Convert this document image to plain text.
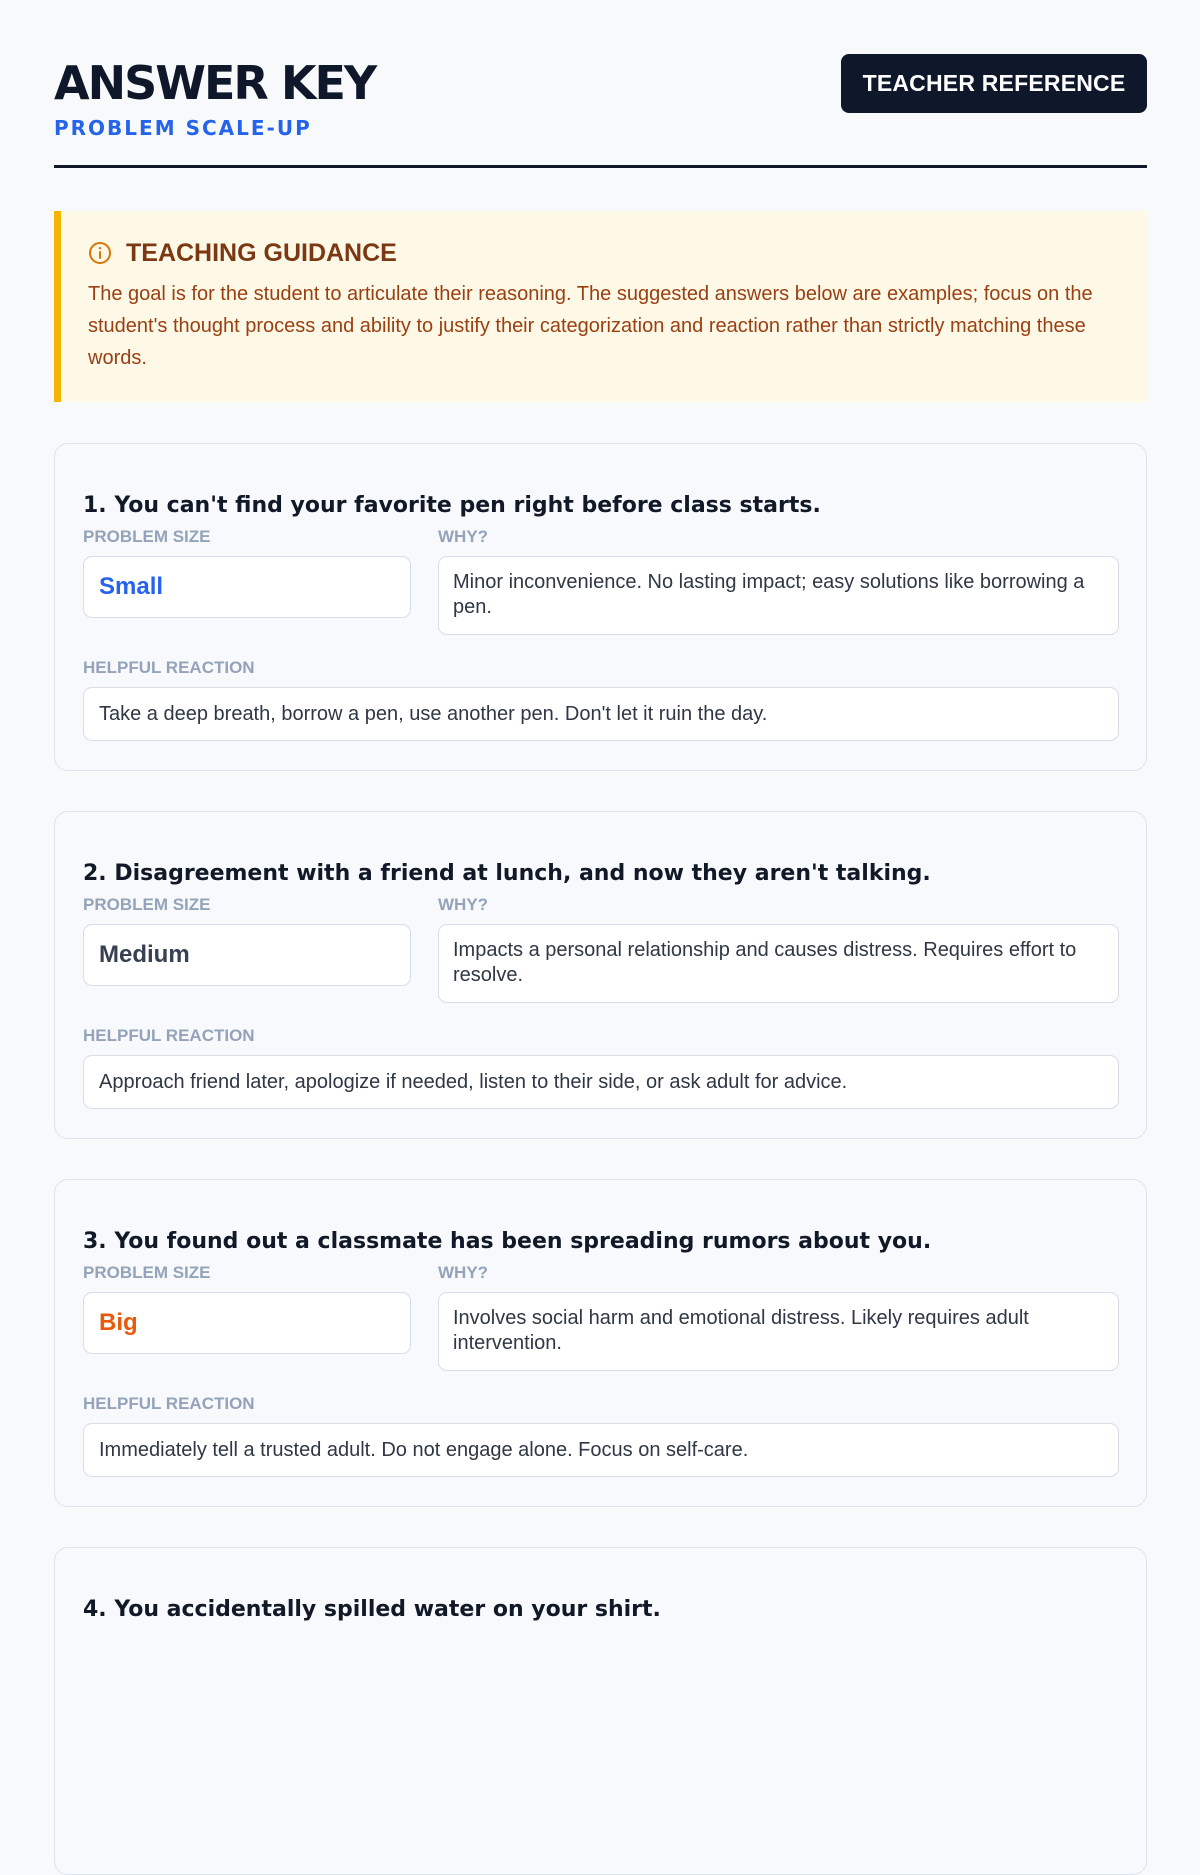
ANSWER KEY
PROBLEM SCALE-UP
TEACHER REFERENCE
TEACHING GUIDANCE
The goal is for the student to articulate their reasoning. The suggested answers below are examples; focus on the student's thought process and ability to justify their categorization and reaction rather than strictly matching these words.
1. You can't find your favorite pen right before class starts.
PROBLEM SIZE
Small
WHY?
Minor inconvenience. No lasting impact; easy solutions like borrowing a pen.
HELPFUL REACTION
Take a deep breath, borrow a pen, use another pen. Don't let it ruin the day.
2. Disagreement with a friend at lunch, and now they aren't talking.
PROBLEM SIZE
Medium
WHY?
Impacts a personal relationship and causes distress. Requires effort to resolve.
HELPFUL REACTION
Approach friend later, apologize if needed, listen to their side, or ask adult for advice.
3. You found out a classmate has been spreading rumors about you.
PROBLEM SIZE
Big
WHY?
Involves social harm and emotional distress. Likely requires adult intervention.
HELPFUL REACTION
Immediately tell a trusted adult. Do not engage alone. Focus on self-care.
4. You accidentally spilled water on your shirt.
